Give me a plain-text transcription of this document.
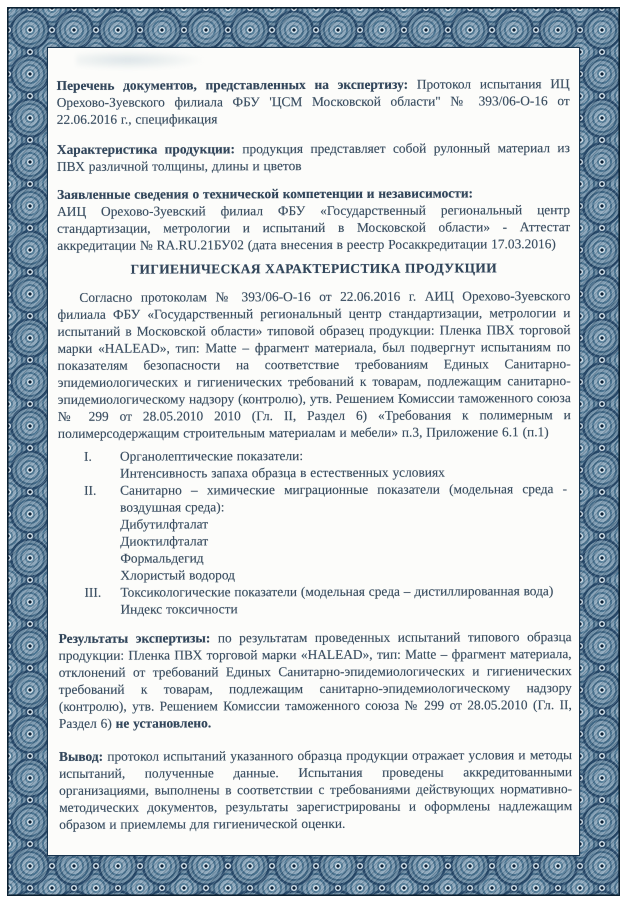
Перечень документов, представленных на экспертизу: Протокол испытания ИЦ Орехово-Зуевского филиала ФБУ 'ЦСМ Московской области" № 393/06-О-16 от 22.06.2016 г., спецификация

Характеристика продукции: продукция представляет собой рулонный материал из ПВХ различной толщины, длины и цветов

Заявленные сведения о технической компетенции и независимости:
АИЦ Орехово-Зуевский филиал ФБУ «Государственный региональный центр стандартизации, метрологии и испытаний в Московской области» - Аттестат аккредитации № RA.RU.21БУ02 (дата внесения в реестр Росаккредитации 17.03.2016)

ГИГИЕНИЧЕСКАЯ ХАРАКТЕРИСТИКА ПРОДУКЦИИ

Согласно протоколам № 393/06-О-16 от 22.06.2016 г. АИЦ Орехово-Зуевского филиала ФБУ «Государственный региональный центр стандартизации, метрологии и испытаний в Московской области» типовой образец продукции: Пленка ПВХ торговой марки «HALEAD», тип: Matte – фрагмент материала, был подвергнут испытаниям по показателям безопасности на соответствие требованиям Единых Санитарно-эпидемиологических и гигиенических требований к товарам, подлежащим санитарно-эпидемиологическому надзору (контролю), утв. Решением Комиссии таможенного союза № 299 от 28.05.2010 2010 (Гл. II, Раздел 6) «Требования к полимерным и полимерсодержащим строительным материалам и мебели» п.3, Приложение 6.1 (п.1)

I.	Органолептические показатели:
Интенсивность запаха образца в естественных условиях
II.	Санитарно – химические миграционные показатели (модельная среда - воздушная среда):
Дибутилфталат
Диоктилфталат
Формальдегид
Хлористый водород
III.	Токсикологические показатели (модельная среда – дистиллированная вода)
Индекс токсичности

Результаты экспертизы: по результатам проведенных испытаний типового образца продукции: Пленка ПВХ торговой марки «HALEAD», тип: Matte – фрагмент материала, отклонений от требований Единых Санитарно-эпидемиологических и гигиенических требований к товарам, подлежащим санитарно-эпидемиологическому надзору (контролю), утв. Решением Комиссии таможенного союза № 299 от 28.05.2010 (Гл. II, Раздел 6) не установлено.

Вывод: протокол испытаний указанного образца продукции отражает условия и методы испытаний, полученные данные. Испытания проведены аккредитованными организациями, выполнены в соответствии с требованиями действующих нормативно-методических документов, результаты зарегистрированы и оформлены надлежащим образом и приемлемы для гигиенической оценки.
